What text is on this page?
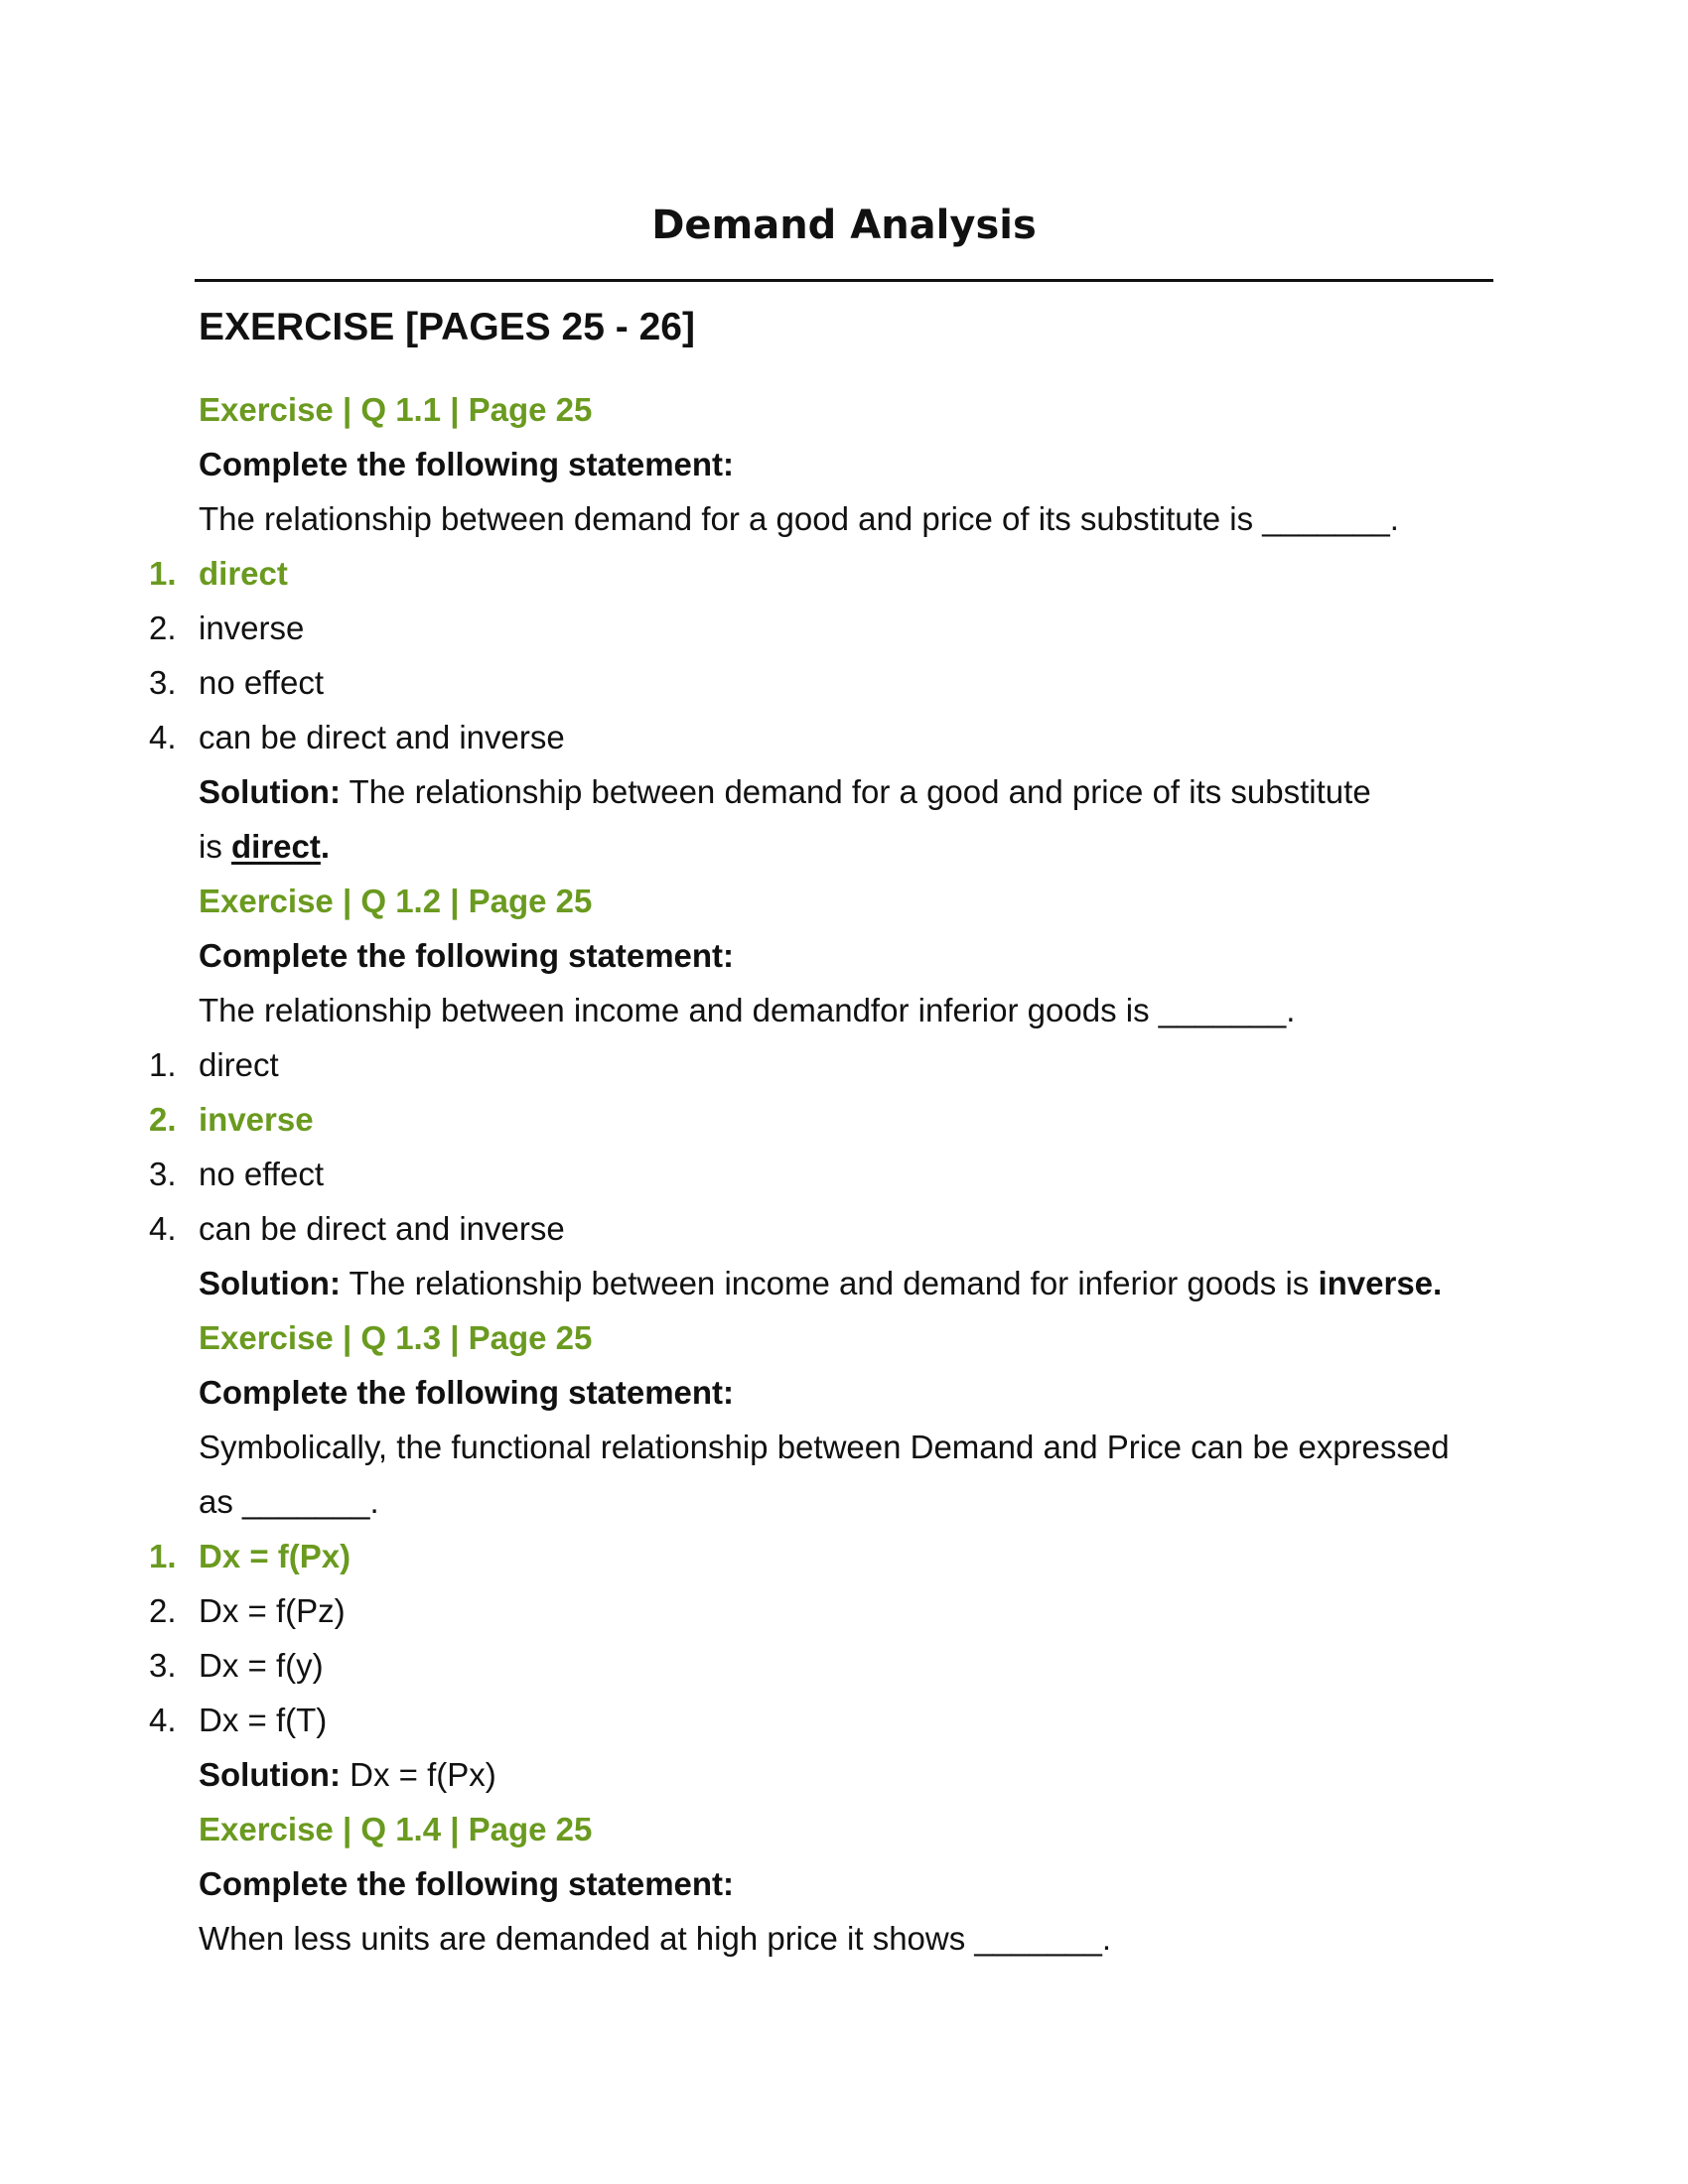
Demand Analysis
EXERCISE [PAGES 25 - 26]
Exercise | Q 1.1 | Page 25
Complete the following statement:
The relationship between demand for a good and price of its substitute is _______.
1. direct
2. inverse
3. no effect
4. can be direct and inverse
Solution: The relationship between demand for a good and price of its substitute
is direct.
Exercise | Q 1.2 | Page 25
Complete the following statement:
The relationship between income and demandfor inferior goods is _______.
1. direct
2. inverse
3. no effect
4. can be direct and inverse
Solution: The relationship between income and demand for inferior goods is inverse.
Exercise | Q 1.3 | Page 25
Complete the following statement:
Symbolically, the functional relationship between Demand and Price can be expressed
as _______.
1. Dx = f(Px)
2. Dx = f(Pz)
3. Dx = f(y)
4. Dx = f(T)
Solution: Dx = f(Px)
Exercise | Q 1.4 | Page 25
Complete the following statement:
When less units are demanded at high price it shows _______.
